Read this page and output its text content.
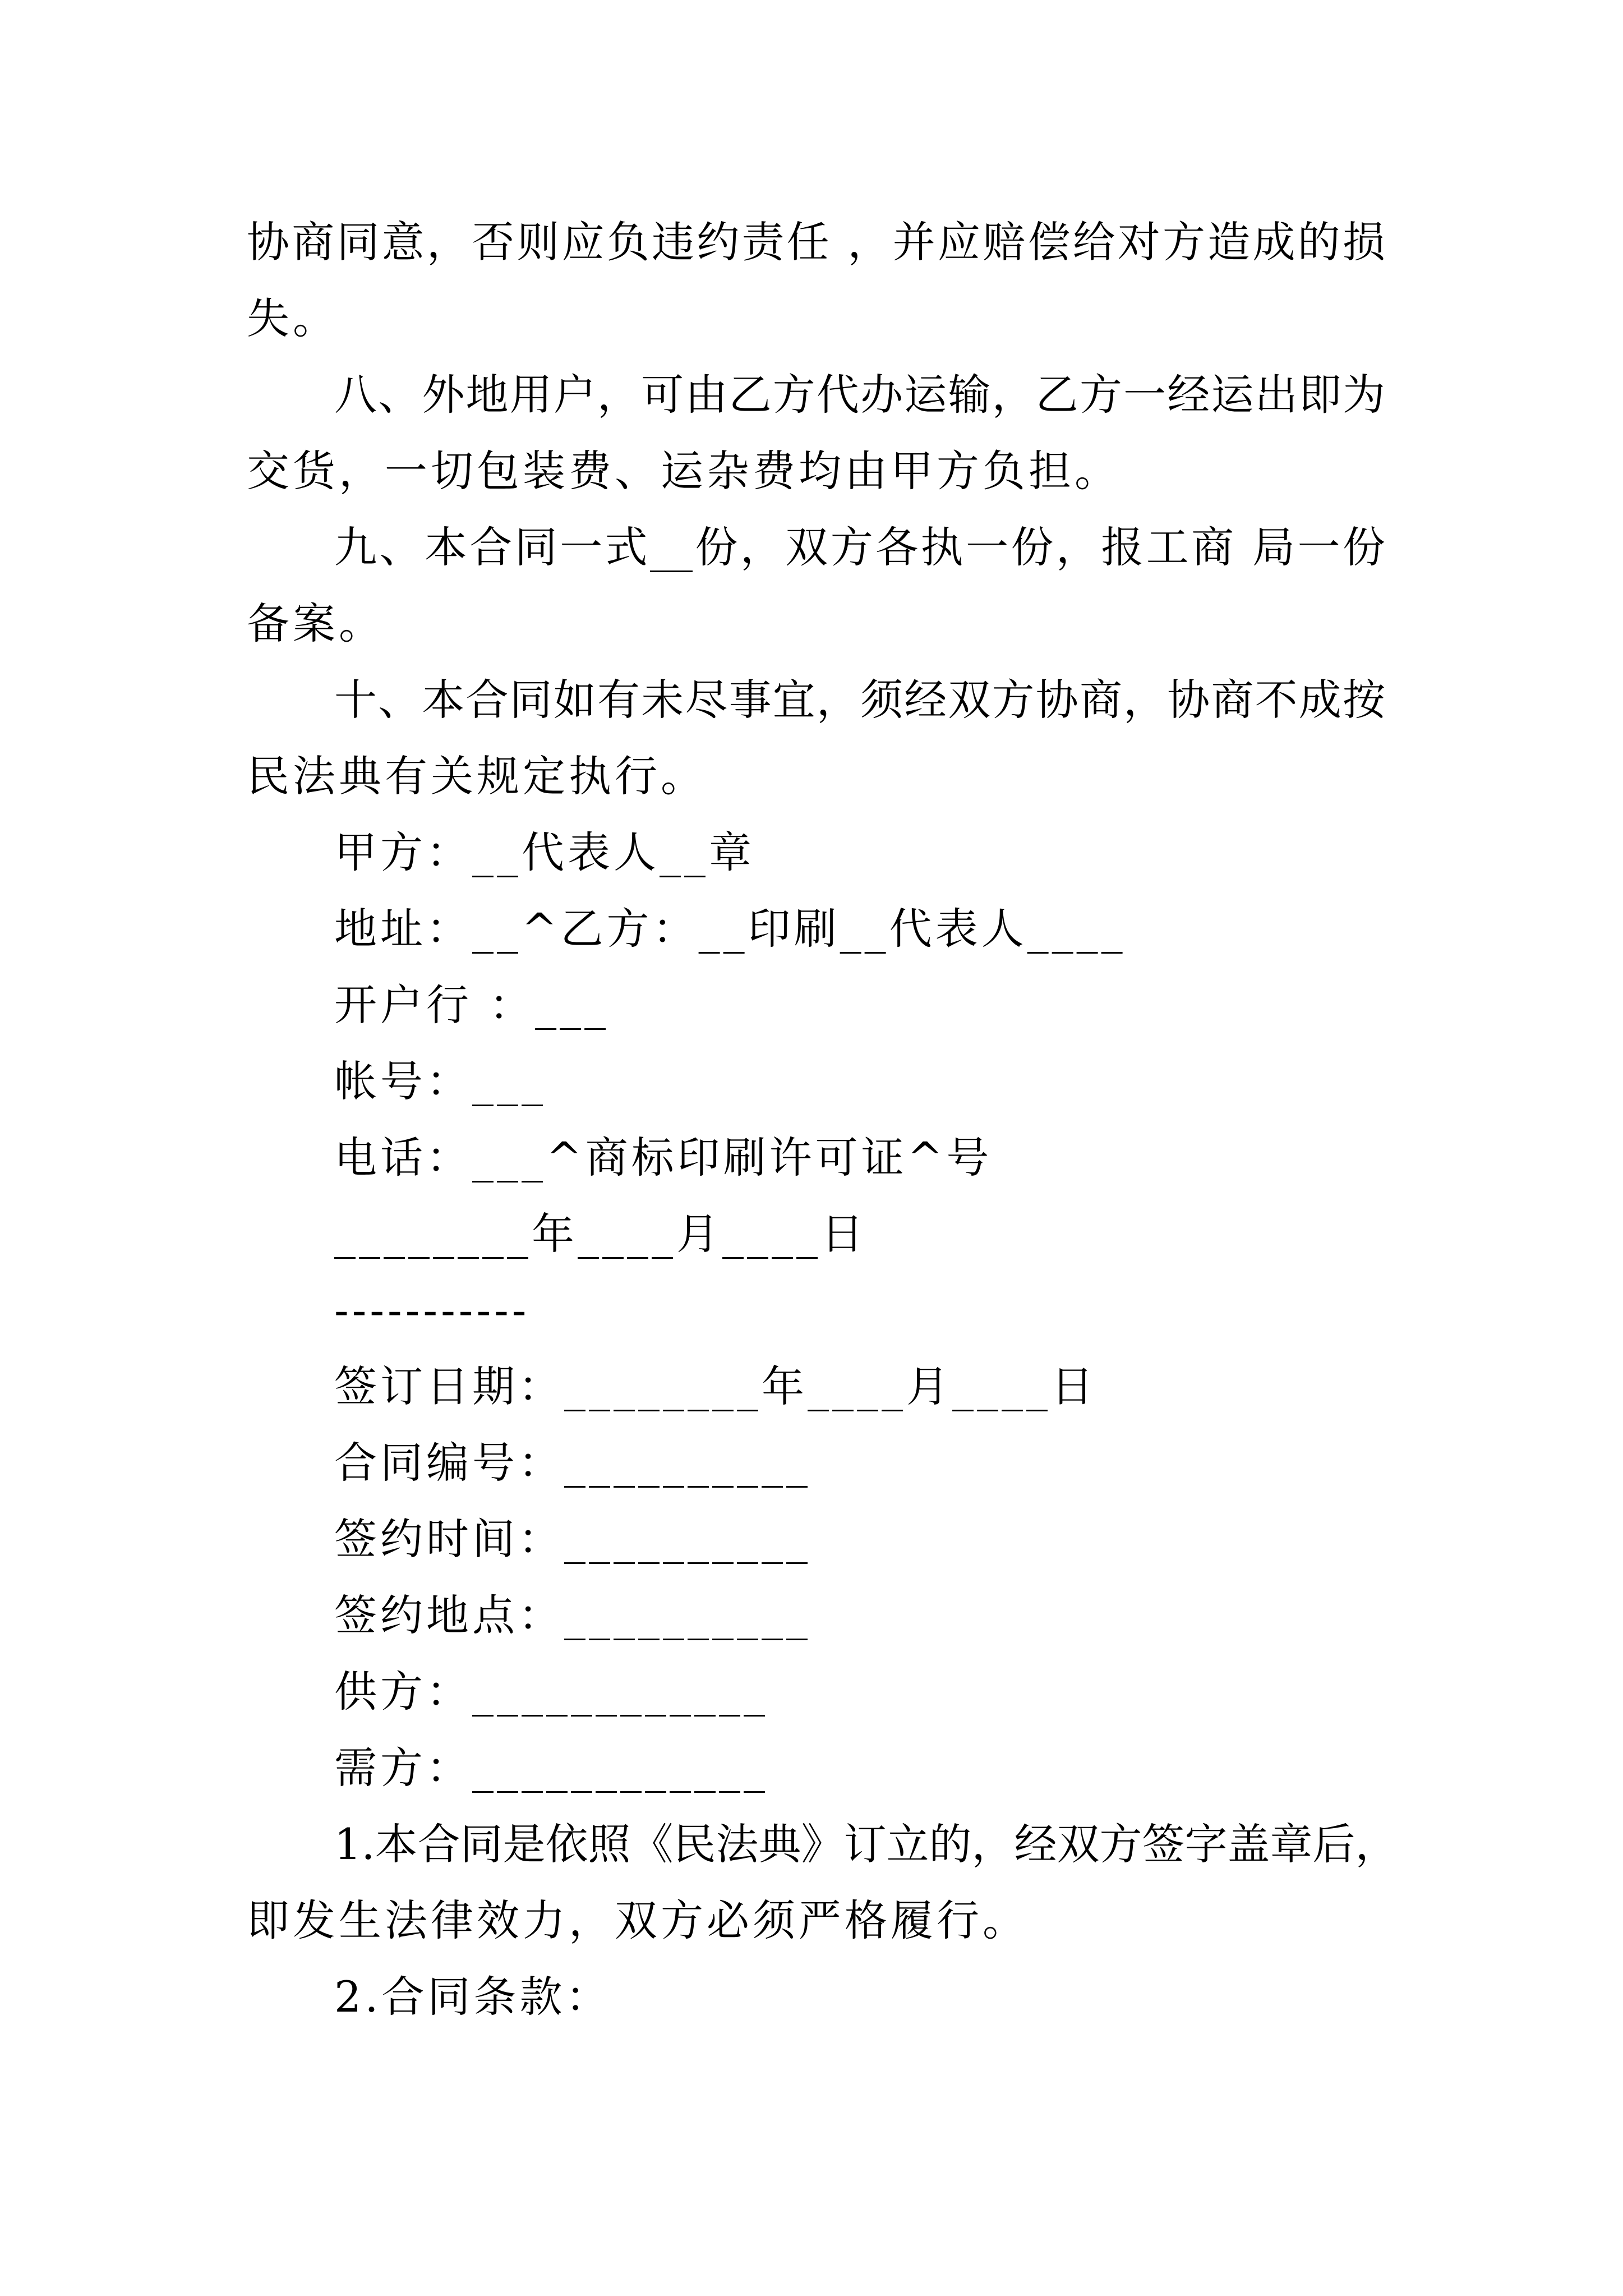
协商同意，否则应负违约责任 ，并应赔偿给对方造成的损
失。
八、外地用户，可由乙方代办运输，乙方一经运出即为
交货，一切包装费、运杂费均由甲方负担。
九、本合同一式__份，双方各执一份，报工商 局一份
备案。
十、本合同如有未尽事宜，须经双方协商，协商不成按
民法典有关规定执行。
甲方：__代表人__章
地址：__^乙方：__印刷__代表人____
开户行 ：___
帐号：___
电话：___^商标印刷许可证^号
________年____月____日
-----------
签订日期：________年____月____日
合同编号：__________
签约时间：__________
签约地点：__________
供方：____________
需方：____________
1.本合同是依照《民法典》订立的，经双方签字盖章后，
即发生法律效力，双方必须严格履行。
2.合同条款：
